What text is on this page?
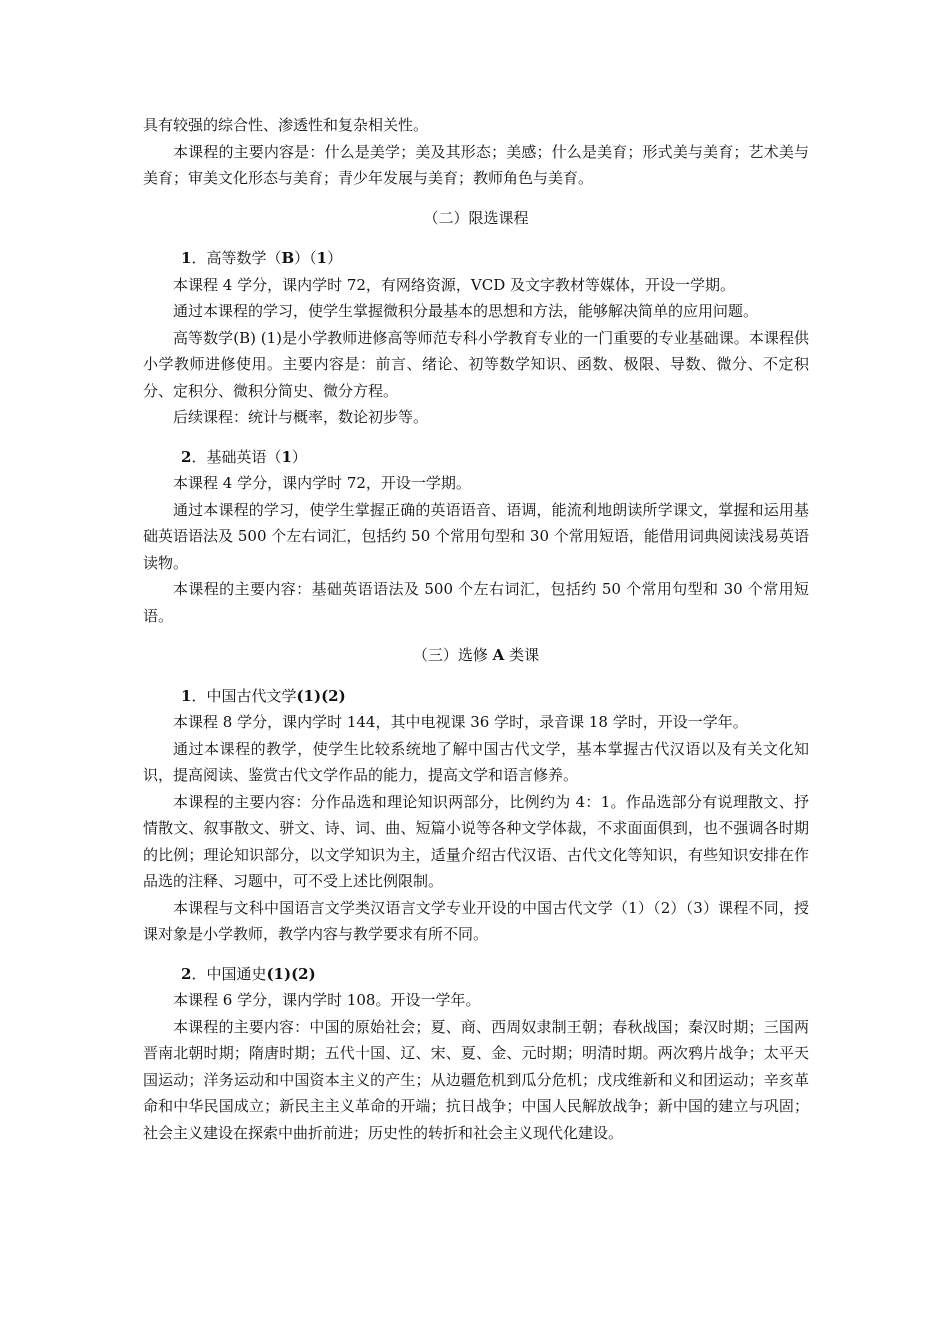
具有较强的综合性、渗透性和复杂相关性。

本课程的主要内容是：什么是美学；美及其形态；美感；什么是美育；形式美与美育；艺术美与美育；审美文化形态与美育；青少年发展与美育；教师角色与美育。

（二）限选课程

1．高等数学（B）（1）

本课程 4 学分，课内学时 72，有网络资源，VCD 及文字教材等媒体，开设一学期。

通过本课程的学习，使学生掌握微积分最基本的思想和方法，能够解决简单的应用问题。

高等数学(B) (1)是小学教师进修高等师范专科小学教育专业的一门重要的专业基础课。本课程供小学教师进修使用。主要内容是：前言、绪论、初等数学知识、函数、极限、导数、微分、不定积分、定积分、微积分简史、微分方程。

后续课程：统计与概率，数论初步等。

2．基础英语（1）

本课程 4 学分，课内学时 72，开设一学期。

通过本课程的学习，使学生掌握正确的英语语音、语调，能流利地朗读所学课文，掌握和运用基础英语语法及 500 个左右词汇，包括约 50 个常用句型和 30 个常用短语，能借用词典阅读浅易英语读物。

本课程的主要内容：基础英语语法及 500 个左右词汇，包括约 50 个常用句型和 30 个常用短语。

（三）选修 A 类课

1．中国古代文学(1)(2)

本课程 8 学分，课内学时 144，其中电视课 36 学时，录音课 18 学时，开设一学年。

通过本课程的教学，使学生比较系统地了解中国古代文学，基本掌握古代汉语以及有关文化知识，提高阅读、鉴赏古代文学作品的能力，提高文学和语言修养。

本课程的主要内容：分作品选和理论知识两部分，比例约为 4：1。作品选部分有说理散文、抒情散文、叙事散文、骈文、诗、词、曲、短篇小说等各种文学体裁，不求面面俱到，也不强调各时期的比例；理论知识部分，以文学知识为主，适量介绍古代汉语、古代文化等知识，有些知识安排在作品选的注释、习题中，可不受上述比例限制。

本课程与文科中国语言文学类汉语言文学专业开设的中国古代文学（1）（2）（3）课程不同，授课对象是小学教师，教学内容与教学要求有所不同。

2．中国通史(1)(2)

本课程 6 学分，课内学时 108。开设一学年。

本课程的主要内容：中国的原始社会；夏、商、西周奴隶制王朝；春秋战国；秦汉时期；三国两晋南北朝时期；隋唐时期；五代十国、辽、宋、夏、金、元时期；明清时期。两次鸦片战争；太平天国运动；洋务运动和中国资本主义的产生；从边疆危机到瓜分危机；戊戌维新和义和团运动；辛亥革命和中华民国成立；新民主主义革命的开端；抗日战争；中国人民解放战争；新中国的建立与巩固；社会主义建设在探索中曲折前进；历史性的转折和社会主义现代化建设。
